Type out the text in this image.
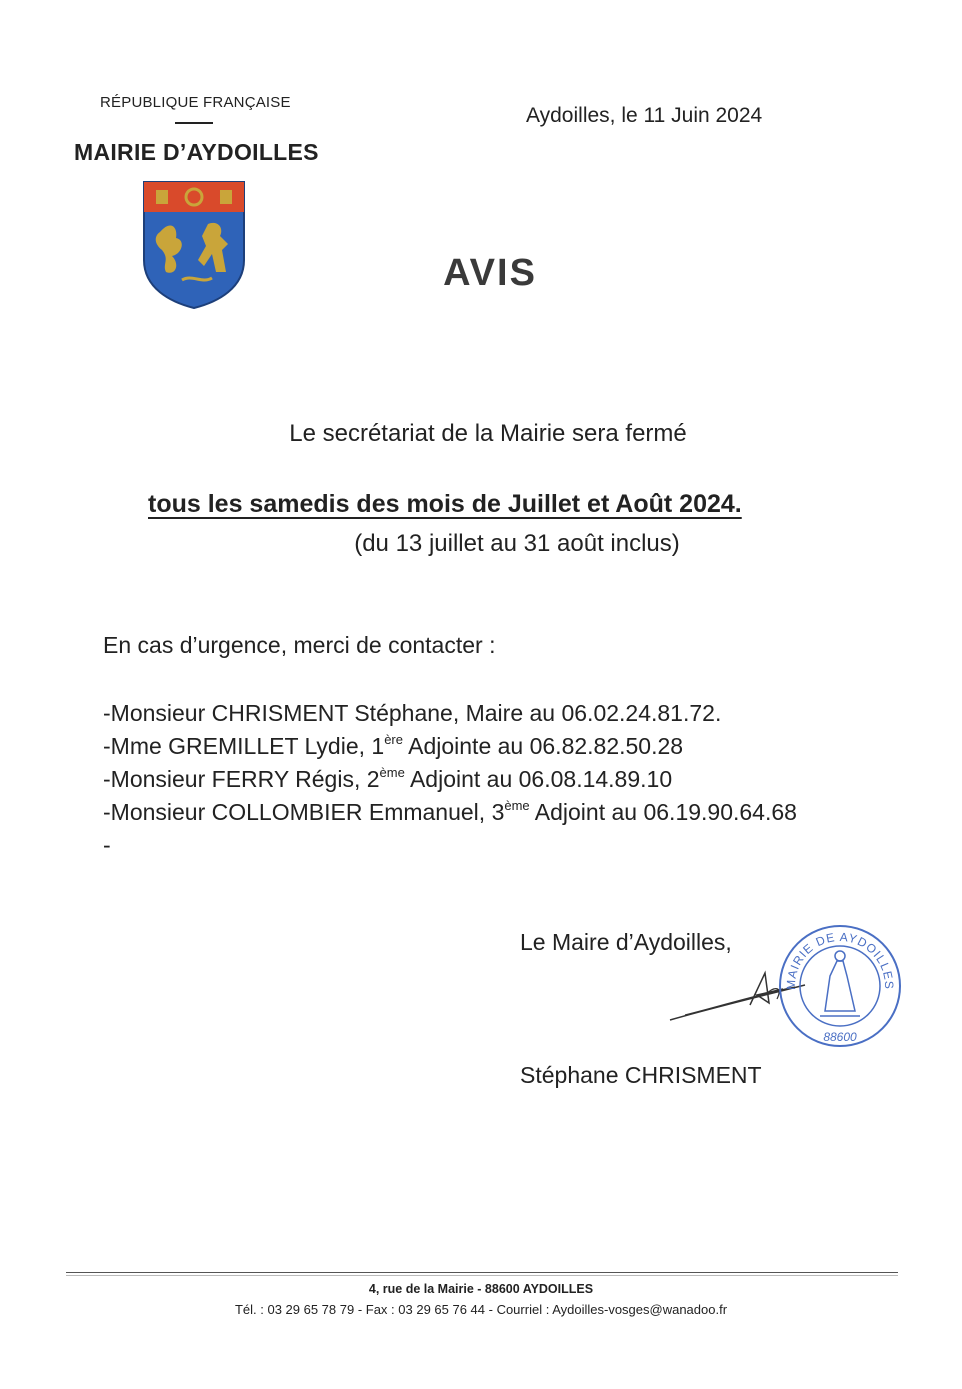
RÉPUBLIQUE FRANÇAISE
MAIRIE D’AYDOILLES
Aydoilles, le 11 Juin 2024
AVIS
Le secrétariat de la Mairie sera fermé
tous les samedis des mois de Juillet et Août 2024.
(du 13 juillet au 31 août inclus)
En cas d’urgence, merci de contacter :
-Monsieur CHRISMENT Stéphane, Maire au 06.02.24.81.72.
-Mme GREMILLET Lydie, 1ère Adjointe au 06.82.82.50.28
-Monsieur FERRY Régis, 2ème Adjoint au 06.08.14.89.10
-Monsieur COLLOMBIER Emmanuel, 3ème Adjoint au 06.19.90.64.68
-
Le Maire d’Aydoilles,
MAIRIE DE AYDOILLES
88600
Stéphane CHRISMENT
4, rue de la Mairie - 88600 AYDOILLES
Tél. : 03 29 65 78 79 - Fax : 03 29 65 76 44 - Courriel : Aydoilles-vosges@wanadoo.fr
